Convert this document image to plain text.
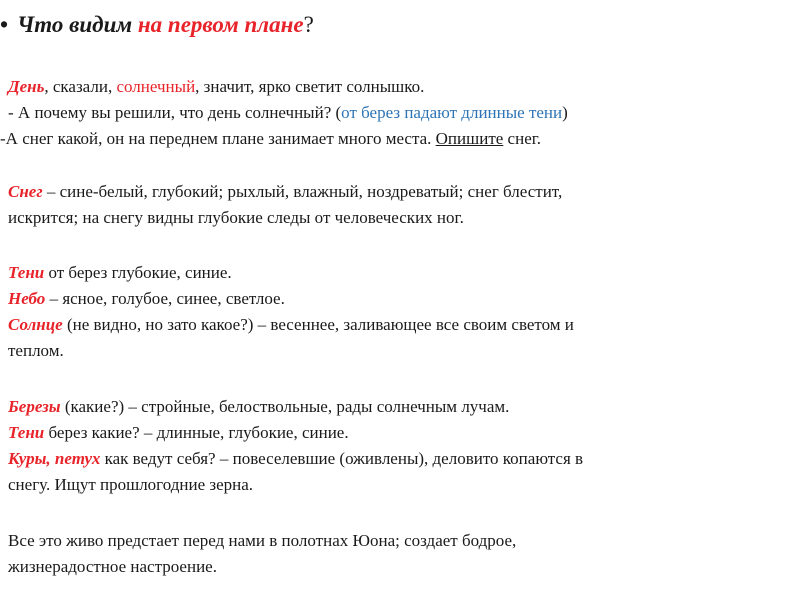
• Что видим на первом плане?
День, сказали, солнечный, значит, ярко светит солнышко.
- А почему вы решили, что день солнечный? (от берез падают длинные тени)
-А снег какой, он на переднем плане занимает много места. Опишите снег.
Снег – сине-белый, глубокий; рыхлый, влажный, ноздреватый; снег блестит,
искрится; на снегу видны глубокие следы от человеческих ног.
Тени от берез глубокие, синие.
Небо – ясное, голубое, синее, светлое.
Солнце (не видно, но зато какое?) – весеннее, заливающее все своим светом и
теплом.
Березы (какие?) – стройные, белоствольные, рады солнечным лучам.
Тени берез какие? – длинные, глубокие, синие.
Куры, петух как ведут себя? – повеселевшие (оживлены), деловито копаются в
снегу. Ищут прошлогодние зерна.
Все это живо предстает перед нами в полотнах Юона; создает бодрое,
жизнерадостное настроение.
